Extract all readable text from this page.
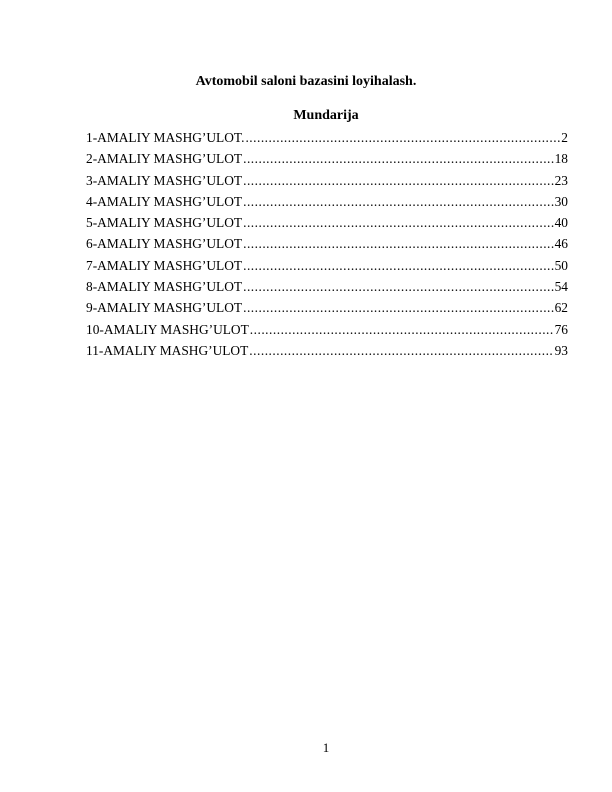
Avtomobil saloni bazasini loyihalash.
Mundarija
1-AMALIY MASHG’ULOT. .....	2
2-AMALIY MASHG’ULOT .....	18
3-AMALIY MASHG’ULOT .....	23
4-AMALIY MASHG’ULOT .....	30
5-AMALIY MASHG’ULOT .....	40
6-AMALIY MASHG’ULOT .....	46
7-AMALIY MASHG’ULOT .....	50
8-AMALIY MASHG’ULOT .....	54
9-AMALIY MASHG’ULOT .....	62
10-AMALIY MASHG’ULOT .....	76
11-AMALIY MASHG’ULOT .....	93
1
